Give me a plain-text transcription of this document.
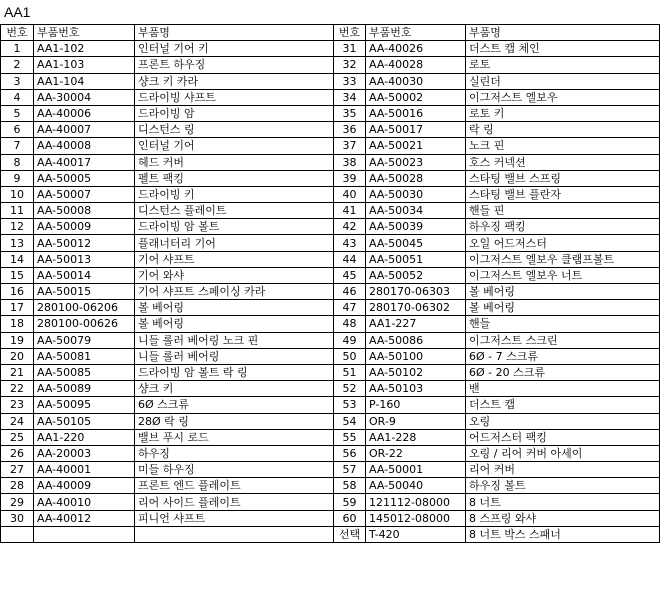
AA1
번호	부품번호	부품명	번호	부품번호	부품명
1	AA1-102	인터널 기어 키	31	AA-40026	더스트 캡 체인
2	AA1-103	프론트 하우징	32	AA-40028	로토
3	AA1-104	샹크 키 카라	33	AA-40030	실린더
4	AA-30004	드라이빙 샤프트	34	AA-50002	이그저스트 엘보우
5	AA-40006	드라이빙 암	35	AA-50016	로토 키
6	AA-40007	디스턴스 링	36	AA-50017	락 링
7	AA-40008	인터널 기어	37	AA-50021	노크 핀
8	AA-40017	헤드 커버	38	AA-50023	호스 커넥션
9	AA-50005	펠트 팩킹	39	AA-50028	스타팅 밸브 스프링
10	AA-50007	드라이빙 키	40	AA-50030	스타팅 밸브 플란자
11	AA-50008	디스턴스 플레이트	41	AA-50034	핸들 핀
12	AA-50009	드라이빙 암 볼트	42	AA-50039	하우징 팩킹
13	AA-50012	플래너터리 기어	43	AA-50045	오일 어드저스터
14	AA-50013	기어 샤프트	44	AA-50051	이그저스트 엘보우 클램프볼트
15	AA-50014	기어 와샤	45	AA-50052	이그저스트 엘보우 너트
16	AA-50015	기어 샤프트 스페이싱 카라	46	280170-06303	볼 베어링
17	280100-06206	볼 베어링	47	280170-06302	볼 베어링
18	280100-00626	볼 베어링	48	AA1-227	핸들
19	AA-50079	니들 롤러 베어링 노크 핀	49	AA-50086	이그저스트 스크린
20	AA-50081	니들 롤러 베어링	50	AA-50100	6Ø - 7 스크류
21	AA-50085	드라이빙 암 볼트 락 링	51	AA-50102	6Ø - 20 스크류
22	AA-50089	샹크 키	52	AA-50103	밴
23	AA-50095	6Ø 스크류	53	P-160	더스트 캡
24	AA-50105	28Ø 락 링	54	OR-9	오링
25	AA1-220	밸브 푸시 로드	55	AA1-228	어드저스터 팩킹
26	AA-20003	하우징	56	OR-22	오링 / 리어 커버 아세이
27	AA-40001	미들 하우징	57	AA-50001	리어 커버
28	AA-40009	프론트 엔드 플레이트	58	AA-50040	하우징 볼트
29	AA-40010	리어 사이드 플레이트	59	121112-08000	8 너트
30	AA-40012	피니언 샤프트	60	145012-08000	8 스프링 와샤
			선택	T-420	8 너트 박스 스패너
